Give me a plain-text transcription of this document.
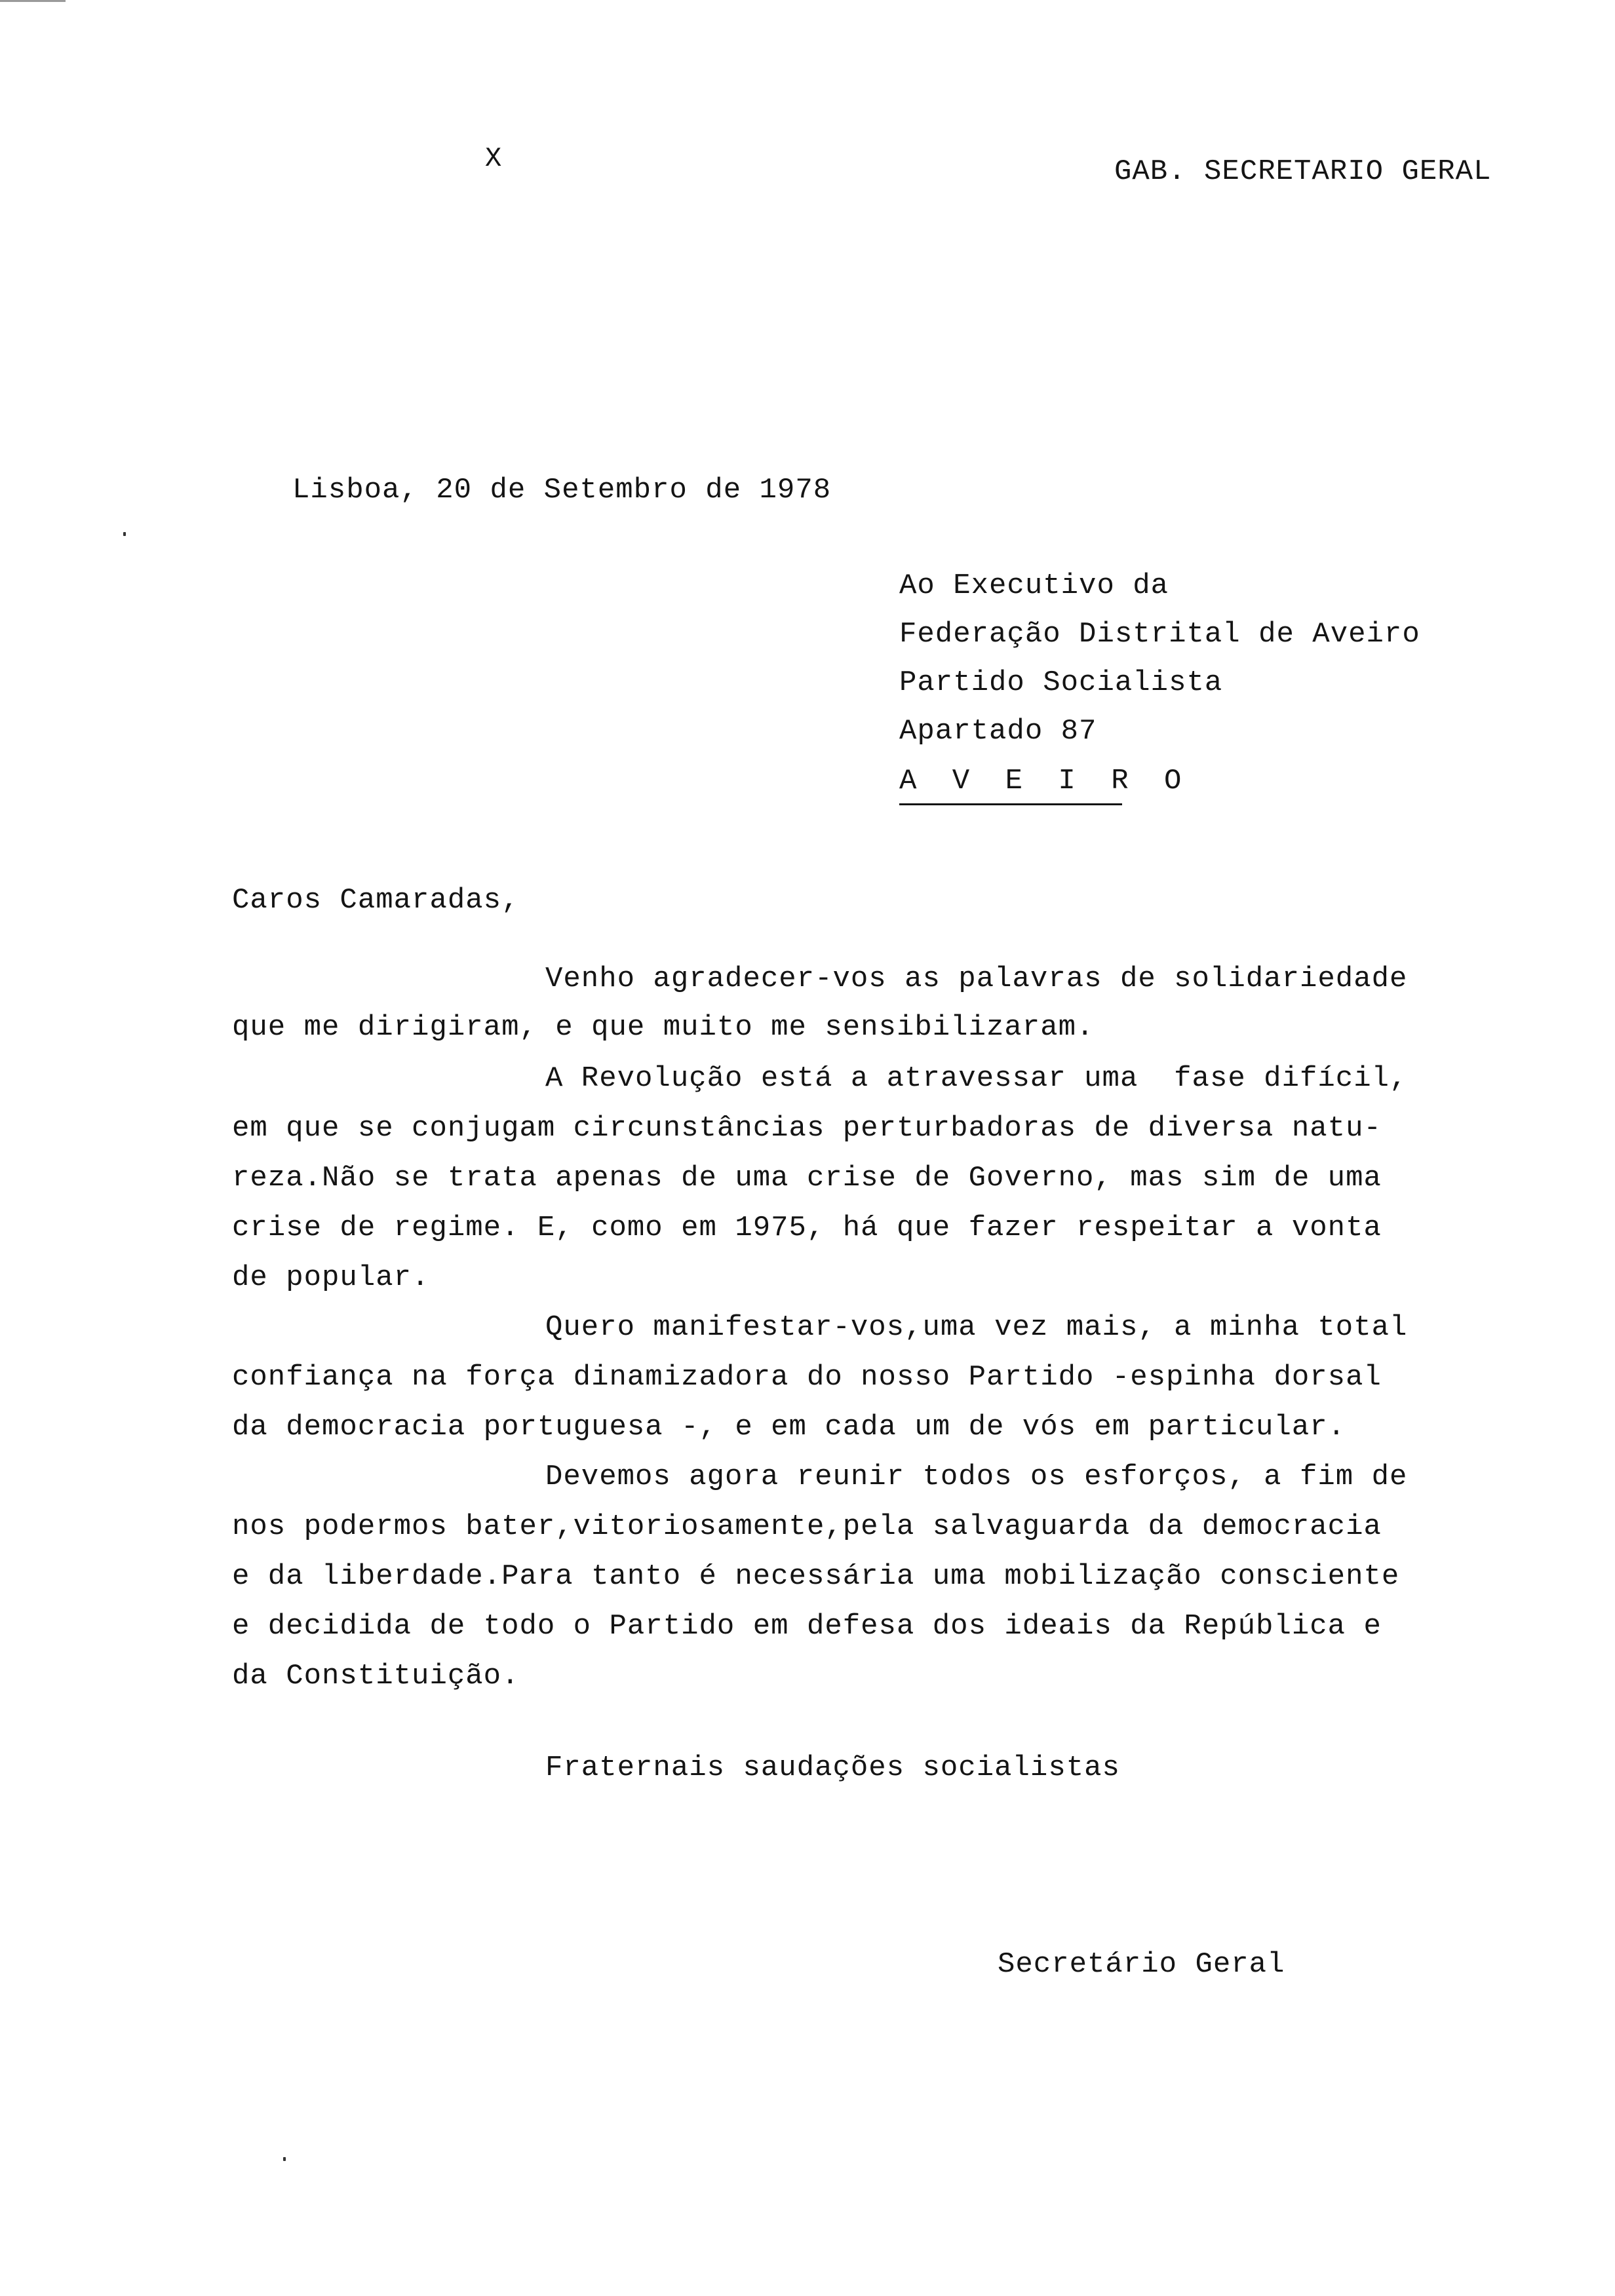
X	GAB. SECRETARIO GERAL
Lisboa, 20 de Setembro de 1978
Ao Executivo da
Federação Distrital de Aveiro
Partido Socialista
Apartado 87
A V E I R O
Caros Camaradas,
Venho agradecer-vos as palavras de solidariedade
que me dirigiram, e que muito me sensibilizaram.
A Revolução está a atravessar uma  fase difícil,
em que se conjugam circunstâncias perturbadoras de diversa natu-
reza.Não se trata apenas de uma crise de Governo, mas sim de uma
crise de regime. E, como em 1975, há que fazer respeitar a vonta
de popular.
Quero manifestar-vos,uma vez mais, a minha total
confiança na força dinamizadora do nosso Partido -espinha dorsal
da democracia portuguesa -, e em cada um de vós em particular.
Devemos agora reunir todos os esforços, a fim de
nos podermos bater,vitoriosamente,pela salvaguarda da democracia
e da liberdade.Para tanto é necessária uma mobilização consciente
e decidida de todo o Partido em defesa dos ideais da República e
da Constituição.
Fraternais saudações socialistas
Secretário Geral
